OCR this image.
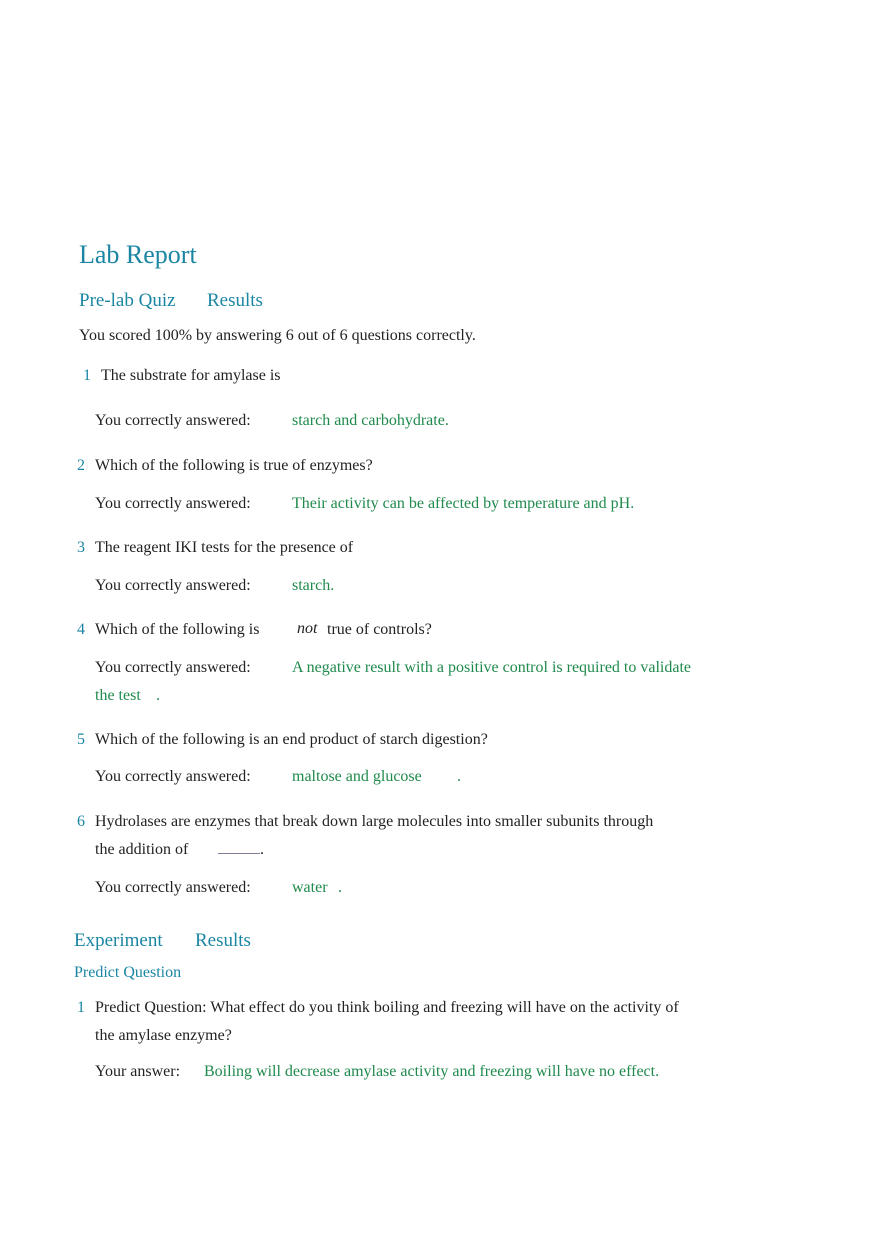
Lab Report
Pre-lab Quiz Results
You scored 100% by answering 6 out of 6 questions correctly.
1 The substrate for amylase is
You correctly answered:	starch and carbohydrate.
2 Which of the following is true of enzymes?
You correctly answered:	Their activity can be affected by temperature and pH.
3 The reagent IKI tests for the presence of
You correctly answered:	starch.
4 Which of the following is not true of controls?
You correctly answered:	A negative result with a positive control is required to validate
the test .
5 Which of the following is an end product of starch digestion?
You correctly answered:	maltose and glucose .
6 Hydrolases are enzymes that break down large molecules into smaller subunits through
the addition of	.
You correctly answered:	water .
Experiment Results
Predict Question
1 Predict Question: What effect do you think boiling and freezing will have on the activity of
the amylase enzyme?
Your answer: Boiling will decrease amylase activity and freezing will have no effect.
